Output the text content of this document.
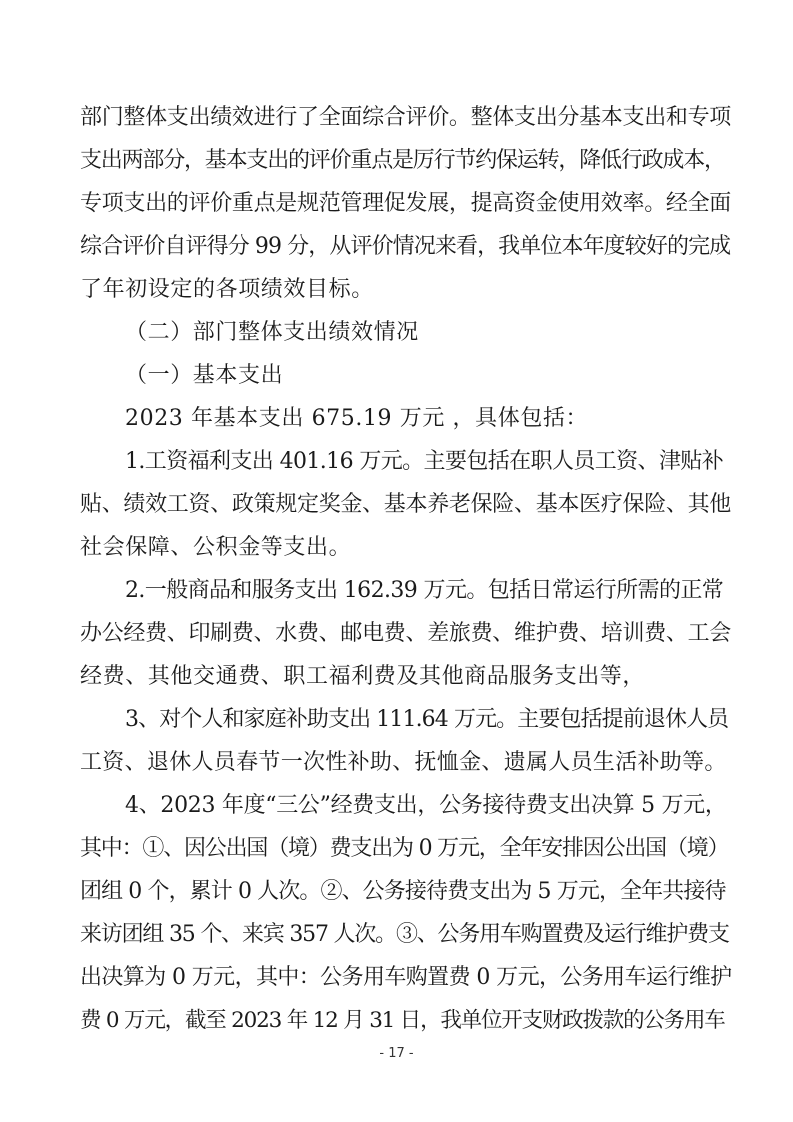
部门整体支出绩效进行了全面综合评价。整体支出分基本支出和专项
支出两部分，基本支出的评价重点是厉行节约保运转，降低行政成本，
专项支出的评价重点是规范管理促发展，提高资金使用效率。经全面
综合评价自评得分 99 分，从评价情况来看，我单位本年度较好的完成
了年初设定的各项绩效目标。
（二）部门整体支出绩效情况
（一）基本支出
2023 年基本支出 675.19 万元 ，具体包括：
1.工资福利支出 401.16 万元。主要包括在职人员工资、津贴补
贴、绩效工资、政策规定奖金、基本养老保险、基本医疗保险、其他
社会保障、公积金等支出。
2.一般商品和服务支出 162.39 万元。包括日常运行所需的正常
办公经费、印刷费、水费、邮电费、差旅费、维护费、培训费、工会
经费、其他交通费、职工福利费及其他商品服务支出等，
3、对个人和家庭补助支出 111.64 万元。主要包括提前退休人员
工资、退休人员春节一次性补助、抚恤金、遗属人员生活补助等。
4、2023 年度“三公”经费支出，公务接待费支出决算 5 万元，
其中：①、因公出国（境）费支出为 0 万元，全年安排因公出国（境）
团组 0 个，累计 0 人次。②、公务接待费支出为 5 万元，全年共接待
来访团组 35 个、来宾 357 人次。③、公务用车购置费及运行维护费支
出决算为 0 万元，其中：公务用车购置费 0 万元，公务用车运行维护
费 0 万元，截至 2023 年 12 月 31 日，我单位开支财政拨款的公务用车
- 17 -
